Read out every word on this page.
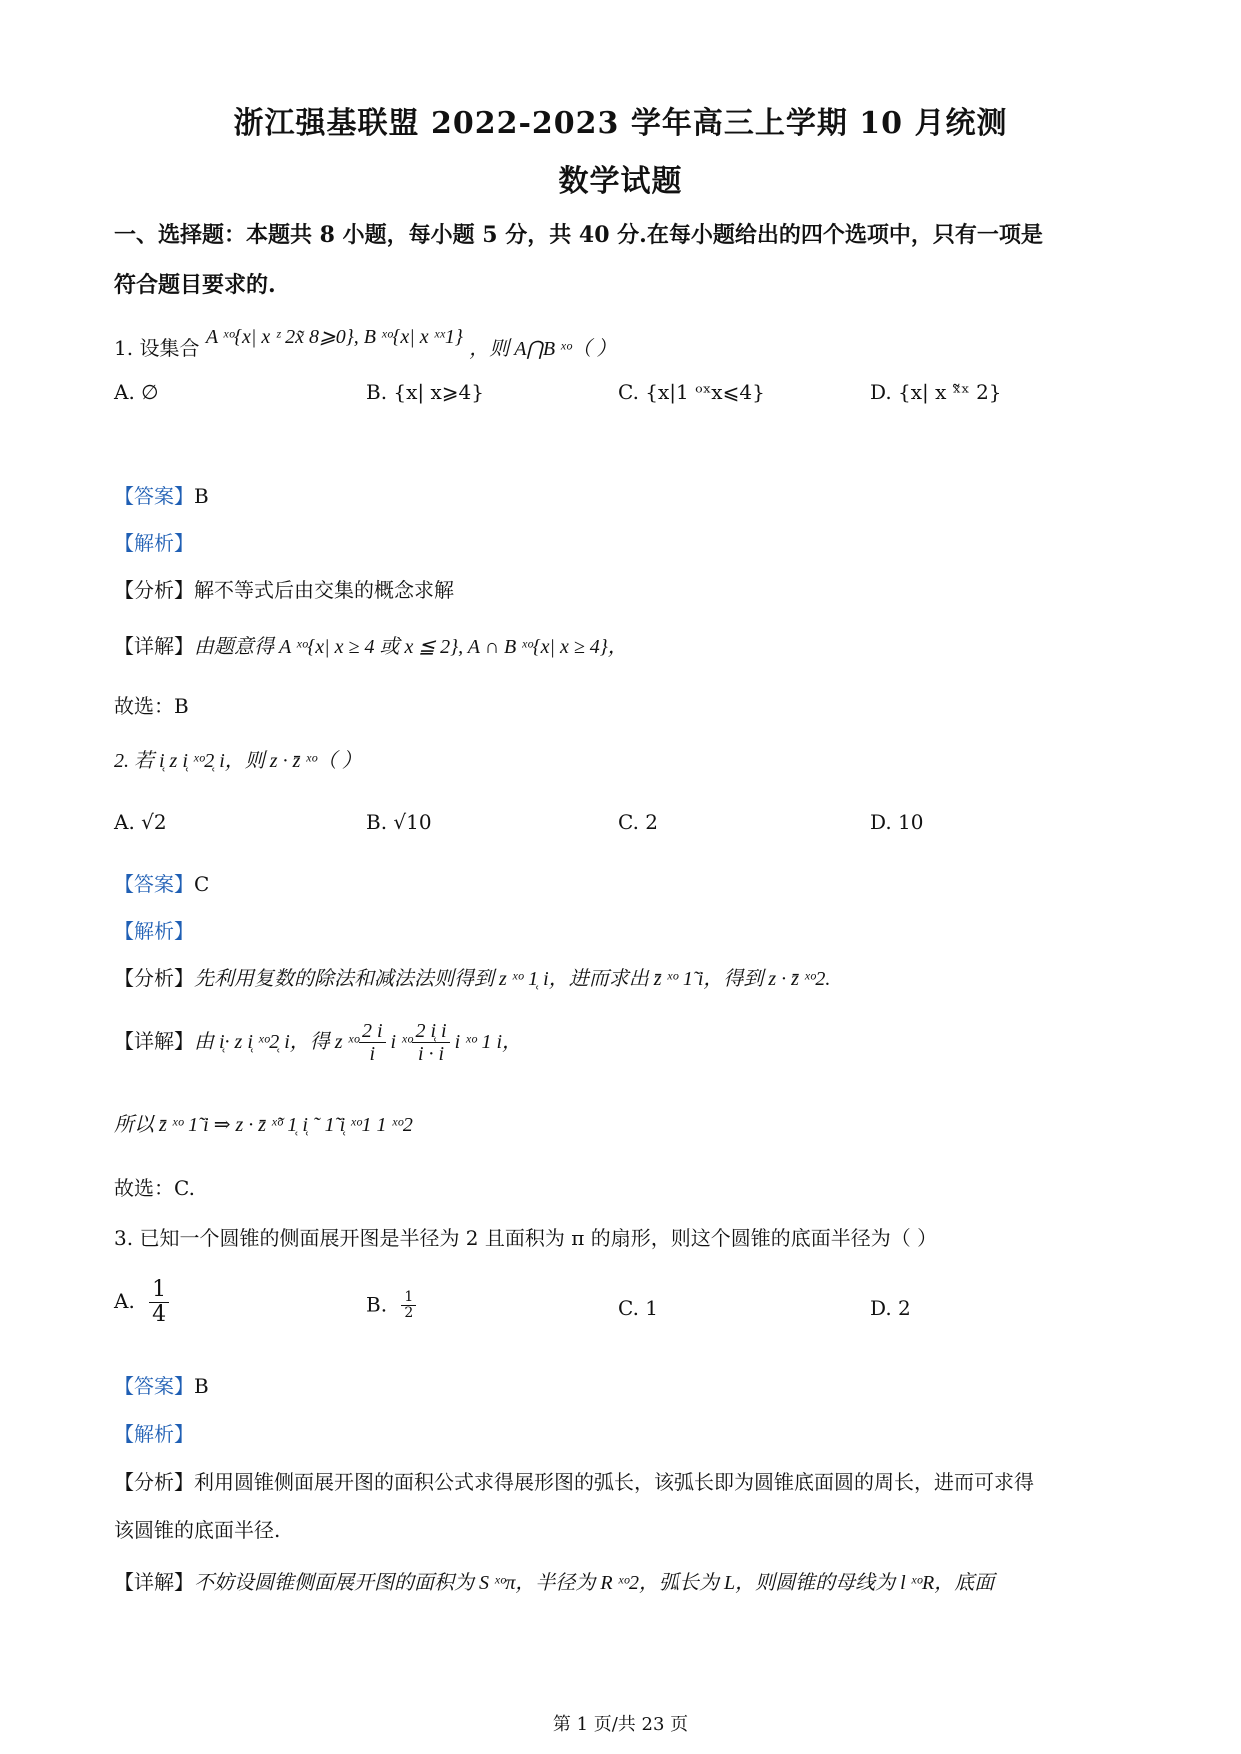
浙江强基联盟 2022-2023 学年高三上学期 10 月统测
数学试题
一、选择题：本题共 8 小题，每小题 5 分，共 40 分.在每小题给出的四个选项中，只有一项是
符合题目要求的.
1. 设集合 A ˣᵒ{x| x ᶻ 2x̃ 8⩾0}, B ˣᵒ{x| x ˣˣ1} ，则 A⋂B ˣᵒ（ ）
A. ∅	B. {x| x⩾4}	C. {x|1 ᵒˣx⩽4}	D. {x| x ˣ̃ˣ 2}
【答案】B
【解析】
【分析】解不等式后由交集的概念求解
【详解】由题意得 A ˣᵒ{x| x ≥ 4 或 x ≦ 2}, A ∩ B ˣᵒ{x| x ≥ 4}，
故选：B
2. 若 i̜ z i̜ ˣᵒ2̜ i，则 z · z̄ ˣᵒ（ ）
A. √2	B. √10	C. 2	D. 10
【答案】C
【解析】
【分析】先利用复数的除法和减法法则得到 z ˣᵒ 1̜ i，进而求出 z̄ ˣᵒ 1̃ i，得到 z · z̄ ˣᵒ2.
【详解】由 i̜· z i̜ ˣᵒ2̜ i，得 z ˣᵒ $\frac{2 i}{i}$ i ˣᵒ $\frac{2 i̜ i}{i \cdot i}$ i ˣᵒ 1 i，
所以 z̄ ˣᵒ 1̃ i ⇒ z · z̄ ˣ̃ᵒ 1̜ i̜ ˜ 1̃ i̜ ˣᵒ1 1 ˣᵒ2
故选：C.
3. 已知一个圆锥的侧面展开图是半径为 2 且面积为 π 的扇形，则这个圆锥的底面半径为（ ）
A. $\frac{1}{4}$	B. $\frac{1}{2}$	C. 1	D. 2
【答案】B
【解析】
【分析】利用圆锥侧面展开图的面积公式求得展形图的弧长，该弧长即为圆锥底面圆的周长，进而可求得
该圆锥的底面半径.
【详解】不妨设圆锥侧面展开图的面积为 S ˣᵒπ，半径为 R ˣᵒ2，弧长为 L，则圆锥的母线为 l ˣᵒR，底面
第 1 页/共 23 页
